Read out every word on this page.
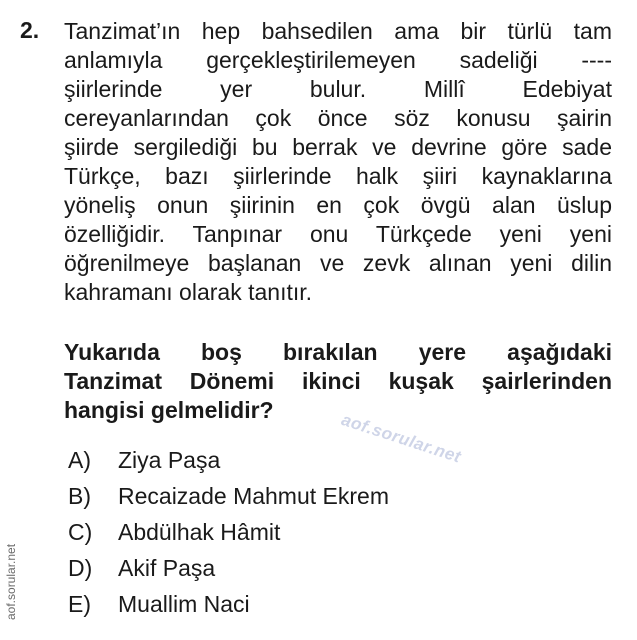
2. Tanzimat’ın hep bahsedilen ama bir türlü tam
anlamıyla gerçekleştirilemeyen sadeliği ----
şiirlerinde yer bulur. Millî Edebiyat
cereyanlarından çok önce söz konusu şairin
şiirde sergilediği bu berrak ve devrine göre sade
Türkçe, bazı şiirlerinde halk şiiri kaynaklarına
yöneliş onun şiirinin en çok övgü alan üslup
özelliğidir. Tanpınar onu Türkçede yeni yeni
öğrenilmeye başlanan ve zevk alınan yeni dilin
kahramanı olarak tanıtır.
Yukarıda boş bırakılan yere aşağıdaki
Tanzimat Dönemi ikinci kuşak şairlerinden
hangisi gelmelidir?	aof.sorular.net
A)	Ziya Paşa
B)	Recaizade Mahmut Ekrem
C)	Abdülhak Hâmit
D)	Akif Paşa
E)	Muallim Naci
aof.sorular.net
